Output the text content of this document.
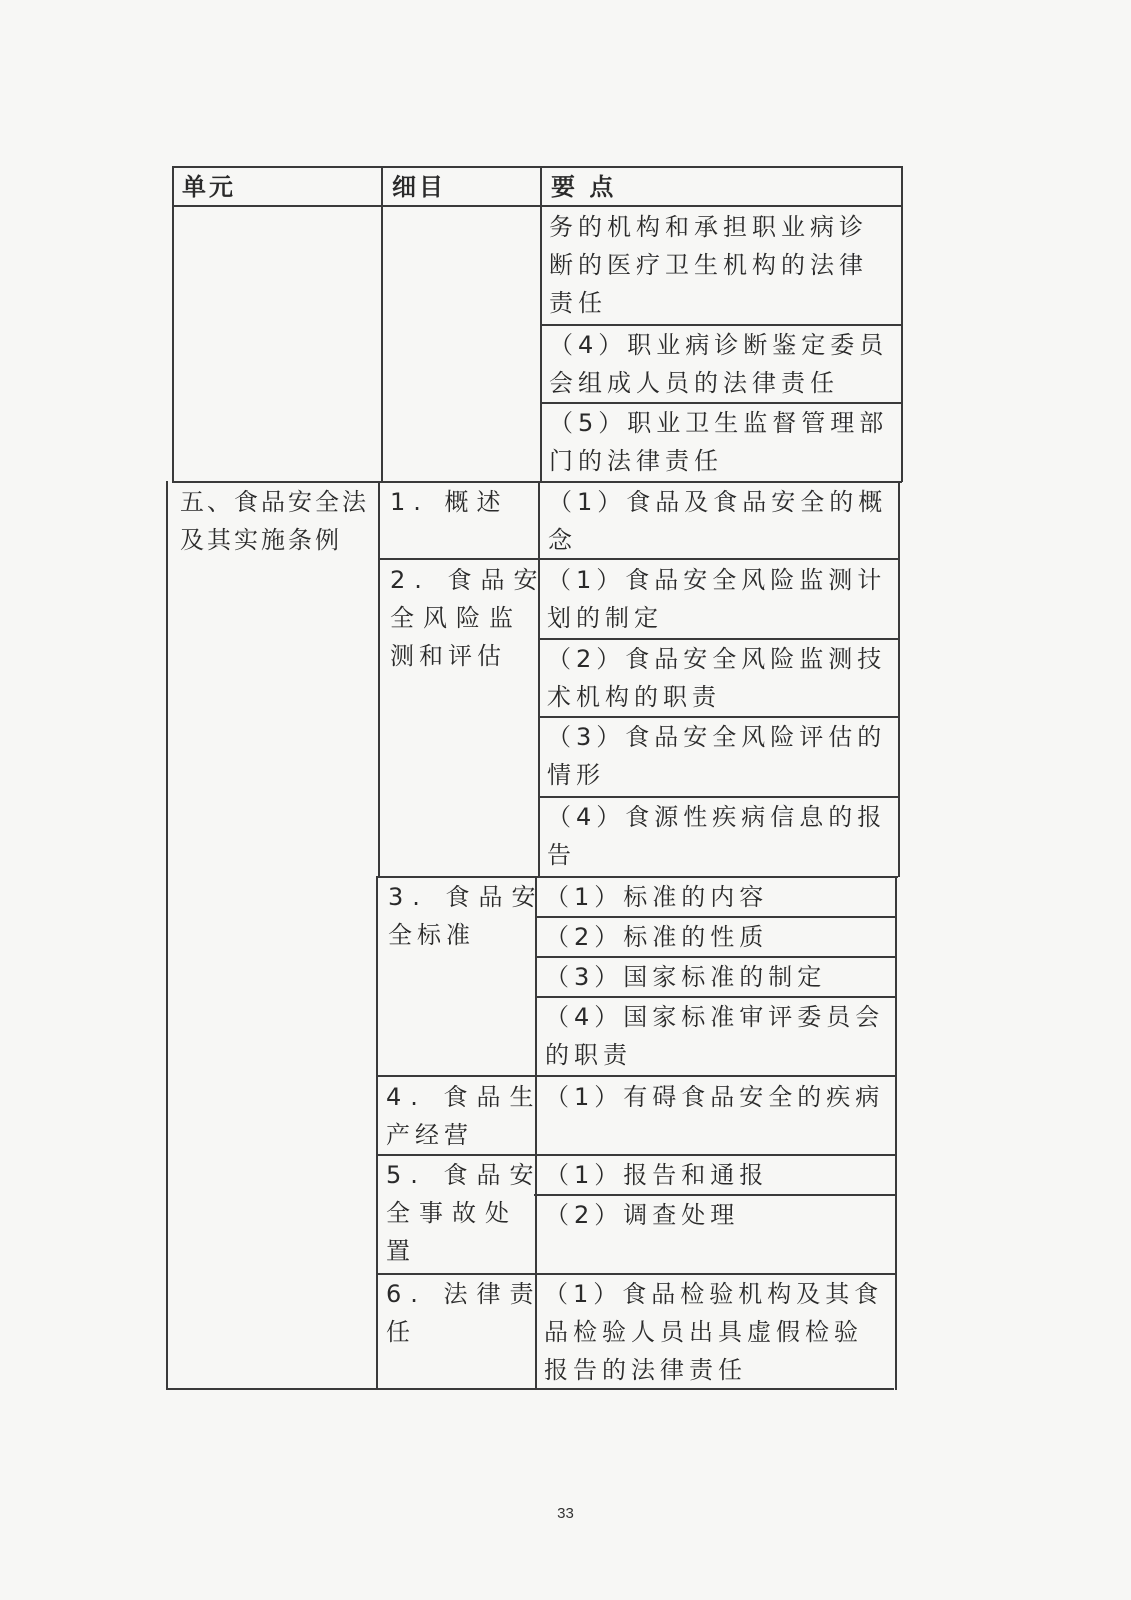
单元	细目	要 点
务的机构和承担职业病诊
断的医疗卫生机构的法律
责任
（4）职业病诊断鉴定委员
会组成人员的法律责任
（5）职业卫生监督管理部
门的法律责任
五、食品安全法
及其实施条例
1. 概述 （1）食品及食品安全的概
念
2. 食品安
全风险监
测和评估
（1）食品安全风险监测计
划的制定
（2）食品安全风险监测技
术机构的职责
（3）食品安全风险评估的
情形
（4）食源性疾病信息的报
告
3. 食品安
全标准
（1）标准的内容
（2）标准的性质
（3）国家标准的制定
（4）国家标准审评委员会
的职责
4. 食品生
产经营
（1）有碍食品安全的疾病
5. 食品安
全事故处
置
（1）报告和通报
（2）调查处理
6. 法律责
任
（1）食品检验机构及其食
品检验人员出具虚假检验
报告的法律责任
33
